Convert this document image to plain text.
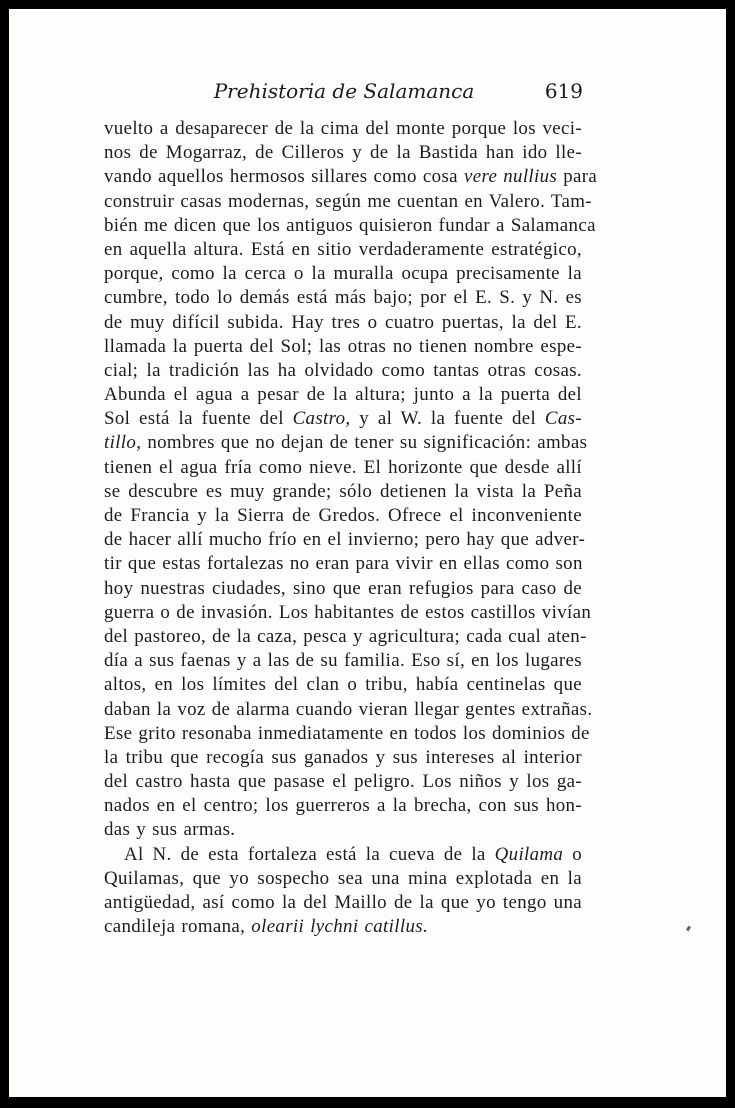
Prehistoria de Salamanca	619

vuelto a desaparecer de la cima del monte porque los veci-
nos de Mogarraz, de Cilleros y de la Bastida han ido lle-
vando aquellos hermosos sillares como cosa vere nullius para
construir casas modernas, según me cuentan en Valero. Tam-
bién me dicen que los antiguos quisieron fundar a Salamanca
en aquella altura. Está en sitio verdaderamente estratégico,
porque, como la cerca o la muralla ocupa precisamente la
cumbre, todo lo demás está más bajo; por el E. S. y N. es
de muy difícil subida. Hay tres o cuatro puertas, la del E.
llamada la puerta del Sol; las otras no tienen nombre espe-
cial; la tradición las ha olvidado como tantas otras cosas.
Abunda el agua a pesar de la altura; junto a la puerta del
Sol está la fuente del Castro, y al W. la fuente del Cas-
tillo, nombres que no dejan de tener su significación: ambas
tienen el agua fría como nieve. El horizonte que desde allí
se descubre es muy grande; sólo detienen la vista la Peña
de Francia y la Sierra de Gredos. Ofrece el inconveniente
de hacer allí mucho frío en el invierno; pero hay que adver-
tir que estas fortalezas no eran para vivir en ellas como son
hoy nuestras ciudades, sino que eran refugios para caso de
guerra o de invasión. Los habitantes de estos castillos vivían
del pastoreo, de la caza, pesca y agricultura; cada cual aten-
día a sus faenas y a las de su familia. Eso sí, en los lugares
altos, en los límites del clan o tribu, había centinelas que
daban la voz de alarma cuando vieran llegar gentes extrañas.
Ese grito resonaba inmediatamente en todos los dominios de
la tribu que recogía sus ganados y sus intereses al interior
del castro hasta que pasase el peligro. Los niños y los ga-
nados en el centro; los guerreros a la brecha, con sus hon-
das y sus armas.

Al N. de esta fortaleza está la cueva de la Quilama o
Quilamas, que yo sospecho sea una mina explotada en la
antigüedad, así como la del Maillo de la que yo tengo una
candileja romana, olearii lychni catillus.
